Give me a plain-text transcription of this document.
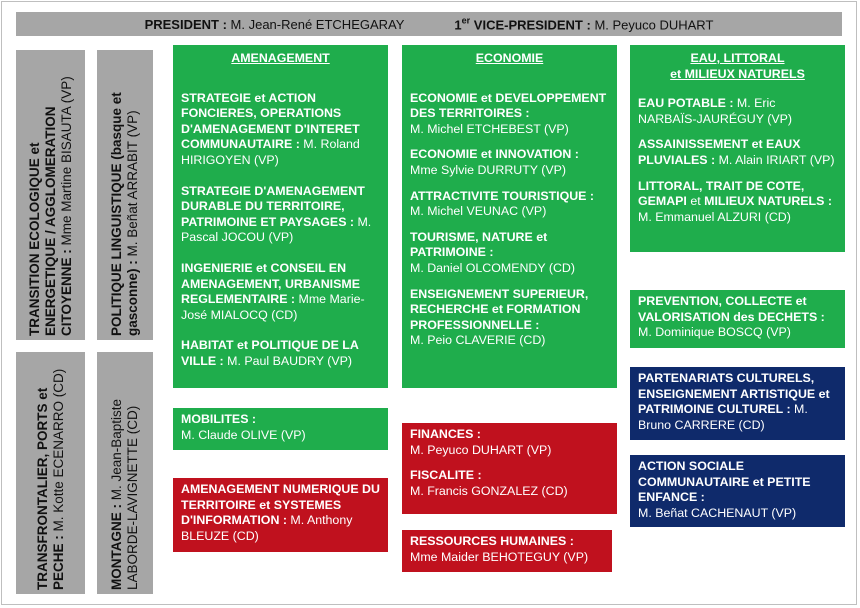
PRESIDENT : M. Jean-René ETCHEGARAY	1er VICE-PRESIDENT : M. Peyuco DUHART
TRANSITION ECOLOGIQUE et
ENERGETIQUE / AGGLOMERATION
CITOYENNE : Mme Martine BISAUTA (VP)	POLITIQUE LINGUISTIQUE (basque et
gasconne) : M. Beñat ARRABIT (VP)
TRANSFRONTALIER, PORTS et
PECHE : M. Kotte ECENARRO (CD)
MONTAGNE : M. Jean-Baptiste
LABORDE-LAVIGNETTE (CD)
AMENAGEMENT
STRATEGIE et ACTION FONCIERES, OPERATIONS D'AMENAGEMENT D'INTERET COMMUNAUTAIRE : M. Roland HIRIGOYEN (VP)
STRATEGIE D'AMENAGEMENT DURABLE DU TERRITOIRE, PATRIMOINE ET PAYSAGES : M. Pascal JOCOU (VP)
INGENIERIE et CONSEIL EN AMENAGEMENT, URBANISME REGLEMENTAIRE : Mme Marie-José MIALOCQ (CD)
HABITAT et POLITIQUE DE LA VILLE : M. Paul BAUDRY (VP)
ECONOMIE
ECONOMIE et DEVELOPPEMENT DES TERRITOIRES :
M. Michel ETCHEBEST (VP)
ECONOMIE et INNOVATION :
Mme Sylvie DURRUTY (VP)
ATTRACTIVITE TOURISTIQUE :
M. Michel VEUNAC (VP)
TOURISME, NATURE et PATRIMOINE :
M. Daniel OLCOMENDY (CD)
ENSEIGNEMENT SUPERIEUR, RECHERCHE et FORMATION PROFESSIONNELLE :
M. Peio CLAVERIE (CD)
EAU, LITTORAL
et MILIEUX NATURELS
EAU POTABLE : M. Eric NARBAÏS-JAURÉGUY (VP)
ASSAINISSEMENT et EAUX PLUVIALES : M. Alain IRIART (VP)
LITTORAL, TRAIT DE COTE, GEMAPI et MILIEUX NATURELS : M. Emmanuel ALZURI (CD)
PREVENTION, COLLECTE et VALORISATION des DECHETS : M. Dominique BOSCQ (VP)
MOBILITES :
M. Claude OLIVE (VP)
AMENAGEMENT NUMERIQUE DU TERRITOIRE et SYSTEMES D'INFORMATION : M. Anthony BLEUZE (CD)
FINANCES :
M. Peyuco DUHART (VP)
FISCALITE :
M. Francis GONZALEZ (CD)
RESSOURCES HUMAINES :
Mme Maider BEHOTEGUY (VP)
PARTENARIATS CULTURELS, ENSEIGNEMENT ARTISTIQUE et PATRIMOINE CULTUREL : M. Bruno CARRERE (CD)
ACTION SOCIALE COMMUNAUTAIRE et PETITE ENFANCE :
M. Beñat CACHENAUT (VP)
